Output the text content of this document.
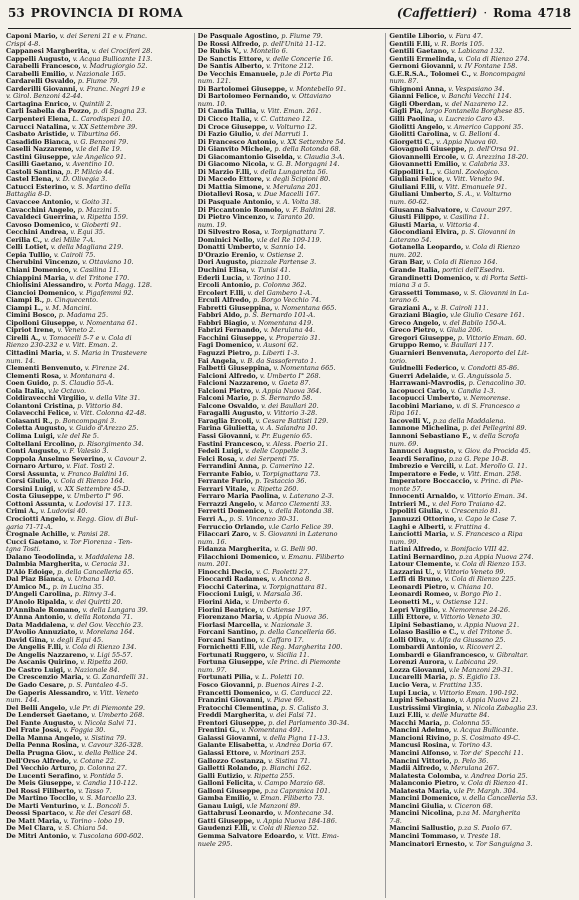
53 PROVINCIA DI ROMA	(Caffettieri) · Roma 4718
Caponi Mario, v. dei Sereni 21 e v. Franc.
Crispi 4-8.
Cappanesi Margherita, v. dei Crociferi 28.
Cappelli Augusto, v. Acqua Bullicante 113.
Carabelli Francesco, v. Madrugiorgio 52.
Carabelli Emilio, v. Nazionale 165.
Cardarelli Osvaldo, p. Fiume 79.
Carderilli Giovanni, v. Franc. Negri 19 e
v. Girol. Benzoni 42-44.
Cartagina Enrico, v. Quintili 2.
Carli Isabella da Pozzo, p. di Spagna 23.
Carpenteri Elena, L. Carodispezi 10.
Carucci Natalina, v. XX Settembre 39.
Casbato Aristide, v. Tiburtina 66.
Casadidio Bianca, v. G. Benzoni 79.
Caselli Nazzareno, v.le del Re 19.
Castini Giuseppe, v.le Angelico 91.
Casilli Gaetano, v. Aventino 10.
Castoli Santina, p. P. Milcio 44.
Castel Elena, v. D. Olivegia 3.
Catucci Esterino, v. S. Martino della
Battaglia 8-D.
Cavaccee Antonio, v. Goito 31.
Cavacchini Angelo, p. Mazzini 5.
Cavaldeci Guerrina, v. Ripetta 159.
Cavoso Domenico, v. Gioberti 91.
Cecchini Andrea, v. Equi 35.
Cerilia C., v. dei Mille 7-A.
Celli Lotiet, v. della Magliana 219.
Cepia Tullio, v. Cairoli 75.
Cherubini Vincenzo, v. Ottaviano 10.
Chiani Domenico, v. Casilina 11.
Chiappini Maria, v. del Tritone 170.
Chiolisini Alessandro, v. Porta Magg. 128.
Ciancioi Domenico, v. Pigafemmi 92.
Ciampi B., p. Cinquecento.
Ciampi L., v. M. Mancini.
Cimini Bosco, p. Madama 25.
Cipolloni Giuseppe, v. Nomentana 61.
Cipriot Irene, v. Veneto 2.
Cirelli A., v. Tomacelli 5-7 e v. Cola di
Rienzo 230-232 e v. Vitt. Eman. 2.
Cittadini Maria, v. S. Maria in Trastevere
num. 14.
Clementi Benvenuto, v. Firenze 24.
Clementi Rosa, v. Montanara 4.
Coen Guido, p. S. Claudio 55-A.
Cola Italia, v.le Octavo.
Coldiravecchi Virgilio, v. della Vite 31.
Colantoni Cristina, p. Vittorio 84.
Colavecchi Felice, v. Vitt. Colonna 42-48.
Colasanti R., p. Boncompagni 3.
Coletta Augusto, v. Guido d'Arezzo 25.
Colima Luigi, v.le del Re 5.
Coltellani Ercolino, p. Risorgimento 34.
Conti Augusto, v. F. Valesio 3.
Coppola Anselmo Severino, v. Cavour 2.
Cornaro Arturo, v. Fiat. Tosti 2.
Corsi Assunta, v. Franco Baldini 16.
Corsi Giulio, v. Cola di Rienzo 164.
Corsini Luigi, v. XX Settembre 45-D.
Costa Giuseppe, v. Umberto I° 96.
Cottoni Assunta, v. Lodovisi 17. 113.
Crimi A., v. Ludovisi 40.
Crociotti Angelo, v. Regg. Giov. di Bul-
garia 71-71-A.
Crognale Achille, v. Panisi 28.
Cucci Gaetano, v. Tor Fiorenza - Ten-
tgna Tosti.
Dalano Teodolinda, v. Maddalena 18.
Dalmbia Margherita, v. Ceracia 31.
D'Alò Edoige, p. della Cancelleria 65.
Dal Piaz Bianca, v. Urbana 140.
D'Amico M., p. in Lucina 35.
D'Angeli Carolina, p. Rinvy 3-4.
D'Anolo Ripalda, v. dei Quirtti 20.
D'Annibale Romano, v. della Lungara 39.
D'Anna Antonio, v. della Rotonda 71.
Data Maddalena, v. del Gov. Vecchio 23.
D'Avolio Annuziato, v. Morelana 164.
David Gina, v. degli Equi 45.
De Angelis F.lli, v. Cola di Rienzo 134.
De Angelis Nazzareno, v. Ligi 55-57.
De Ascanis Quirino, v. Ripetta 260.
De Castro Luigi, v. Nazionale 84.
De Crescenzio Maria, v. G. Zanardelli 31.
De Gado Cesare, p. S. Pantaleo 4-5.
De Gaperis Alessandro, v. Vitt. Veneto
num. 144.
Del Belli Angelo, v.le Pr. di Piemonte 29.
De Lenderset Gaetano, v. Umberto 268.
Del Fante Augusto, v. Nicola Salvi 71.
Del Frate Jossì, v. Foggia 30.
Della Manna Angelo, v. Sistina 79.
Della Penna Rosina, v. Cavour 326-328.
Della Prugna Giov., v. della Pellice 24.
Dell'Orso Alfredo, v. Cotane 22.
Del Vecchio Arturo, p. Colonna 27.
De Lucenti Serafino, v. Pontida 5.
De Meis Giuseppe, v. Candia 110-112.
Del Rossi Filiberto, v. Tasso 7.
De Martino Toccllo, v. S. Marcello 23.
De Marti Venturino, v. L. Boncoli 5.
Deossi Spartaco, v. Re dei Cesari 68.
De Matt Maria, v. Torino - lobo 19.
De Mel Clara, v. S. Chiara 54.
De Mitri Antonio, v. Tuscolana 600-602.
De Pasquale Agostino, p. Fiume 79.
De Rossi Alfredo, p. dell'Unità 11-12.
De Rubis V., v. Montello 6.
De Sanctis Ettore, v. delle Concerie 16.
De Santis Alberto, v. Tritone 212.
De Vecchis Emanuele, p.le di Porta Pia
num. 121.
Di Bartolomei Giuseppe, v. Montebello 91.
Di Bartolomeo Fernando, v. Ottaviano
num. 10.
Di Candia Tullia, v. Vitt. Eman. 261.
Di Cicco Italia, v. C. Cattaneo 12.
Di Croce Giuseppe, v. Volturno 12.
Di Fazio Giulio, v. dei Marruti 1.
Di Francesco Antonio, v. XX Settembre 54.
Di Gianvito Michele, p. della Rotonda 68.
Di Giacomantonio Giselda, v. Claudia 3-A.
Di Giacomo Nicola, v. G. B. Morgagni 14.
Di Marzio F.lli, v. della Lungaretta 56.
Di Macedo Ettore, v. degli Scipioni 80.
Di Mattia Simone, v. Merulana 201.
Diotallevi Rosa, v. Due Macelli 167.
Di Pasquale Antonio, v. A. Volta 38.
Di Piccantonio Romolo, v. F. Baldini 28.
Di Pietro Vincenzo, v. Taranto 20.
num. 19.
Di Silvestro Rosa, v. Torpignattara 7.
Dominici Nello, v.le del Re 109-119.
Donatti Umberto, v. Sannio 14.
D'Orazio Erenio, v. Ostiense 2.
Dori Augusto, piazzale Partense 3.
Duchini Elisa, v. Tunisi 41.
Ederli Lucia, v. Torino 110.
Ercoli Antonio, p. Colonna 362.
Ercolert F.lli, v. del Gambero 1-A.
Erculi Alfredo, p. Borgo Vecchio 74.
Fabretti Giuseppina, v. Nomentana 665.
Fabbri Aldo, p. S. Bernardo 101-A.
Fabbri Biagio, v. Nomentana 419.
Fabrizi Fernando, v. Merulana 44.
Facchini Giuseppe, v. Properzio 31.
Fagi Domenico, v. Ausoni 62.
Faguzzi Pietro, p. Liberti 1-3.
Fai Angela, v. B. da Sassoferrato 1.
Falbetti Giuseppina, v. Nomentana 665.
Falcioni Alfredo, v. Umberto I° 268.
Falcioni Nazzareno, v. Gaeta 87.
Falcioni Pietro, v. Appia Nuova 364.
Falconi Mario, p. S. Bernardo 58.
Falcone Osvaldo, v. dei Baullari 20.
Faragalli Augusto, v. Vittorio 3-28.
Faraglia Ercoli, v. Cesare Battisti 129.
Farina Giulietta, v. A. Salandra 10.
Fassi Giovanni, v. Pr. Eugenio 65.
Fastini Francesco, v. Aless. Poerio 21.
Fedeli Luigi, v. delle Coppelle 3.
Felci Rosa, v. dei Serpenti 75.
Ferrandini Anna, p. Camerino 12.
Ferrante Fabio, v. Torpignattara 73.
Ferrante Furio, p. Testaccio 36.
Ferrari Vitale, v. Ripetta 260.
Ferraro Maria Paolina, v. Laterano 2-3.
Ferrazzi Angelo, v. Marco Clementi 33.
Ferretti Domenico, v. della Rotonda 38.
Ferri A., p. S. Vincenzo 30-31.
Ferruccio Orlando, v.le Carlo Felice 39.
Filaccari Zaro, v. S. Giovanni in Laterano
num. 16.
Fidanza Margherita, v. G. Belli 90.
Filacchioni Domenico, v. Emanu. Filiberto
num. 201.
Finocchi Decio, v. C. Paoletti 27.
Fioccardi Radames, v. Ancona 8.
Fiocchi Caterina, v. Torpignattara 81.
Fioccioni Luigi, v. Marsala 36.
Fiorini Aida, v. Umberto 6.
Fiorini Beatrice, v. Ostiense 197.
Fiorenzano Maria, v. Appia Nuova 36.
Fiorlasi Marcella, v. Nazionale 3.
Forcani Santino, p. della Cancelleria 66.
Forcani Santino, v. Caffaro 17.
Fornichetti F.lli, v.le Reg. Margherita 100.
Fortunati Ruggero, v. Sicilia 11.
Fortuna Giuseppe, v.le Princ. di Piemonte
num. 97.
Fortunati Pilia, v. L. Poletti 10.
Fosco Giovanni, p. Buenos Aires 1-2.
Francetti Domenico, v. G. Carducci 22.
Franzini Giovanni, v. Piave 69.
Fratocchi Clementina, p. S. Calisto 3.
Freddi Margherita, v. dei Falsi 71.
Frentori Giuseppe, p. del Parlamento 30-34.
Frentini G., v. Nomentana 491.
Galassi Giovanni, v. della Pigna 11-13.
Galante Elisabetta, v. Andrea Doria 67.
Galassi Ettore, v. Morinari 253.
Gallozzo Costanza, v. Sistina 71.
Galletti Rolando, p. Bianchi 162.
Galli Eutizio, v. Ripetta 255.
Galloni Felicita, v. Campo Marzio 68.
Galloni Giuseppe, p.za Capranica 101.
Gamba Emilio, v. Eman. Filiberto 73.
Ganau Luigi, v.le Manzoni 89.
Gattabrusi Leonardo, v. Montecane 34.
Gatti Giuseppe, v. Appia Nuova 184-186.
Gaudenzi F.lli, v. Cola di Rienzo 52.
Gemma Salvatore Edoardo, v. Vitt. Ema-
nuele 295.
Gentile Liborio, v. Fara 47.
Gentili F.lli, v. R. Boris 105.
Gentili Gaetano, v. Labicana 132.
Gentili Ermelinda, v. Cola di Rienzo 274.
Gernoni Giovanni, v. IV Fontane 158.
G.E.R.S.A., Tolomei C., v. Boncompagni
num. 87.
Ghignoni Anna, v. Vespasiano 34.
Gianni Felice, v. Banchi Vecchi 114.
Gigli Oberdan, v. del Nazareno 12.
Gigli Pia, largo Fontanella Borghese 85.
Gilli Paolina, v. Lucrezio Caro 43.
Giolitti Angelo, v. Americo Capponi 35.
Giolitti Carolina, v. G. Belloni 4.
Giorgetti C., v. Appia Nuova 60.
Giovagnoli Giuseppe, p. dell'Orsa 91.
Giovannelli Ercole, v. G. Arezzina 18-20.
Giovannetti Emilio, v. Calabria 33.
Gippolliti L., v. Gianl. Zoologico.
Giuliani Felice, v. Vitt. Veneto 94.
Giuliani F.lli, v. Vitt. Emanuele 91.
Giuliani Umberto, S. A., v. Volturno
num. 60-62.
Giusanna Salvatore, v. Cavour 297.
Giusti Filippo, v. Casilina 11.
Giusti Maria, v. Vittoria 4.
Giocondiani Elvira, p. S. Giovanni in
Laterano 54.
Gotanella Leopardo, v. Cola di Rienzo
num. 202.
Gran Bar, v. Cola di Rienzo 164.
Grande Italia, portici dell'Esedra.
Grandinetti Domenico, v. di Porta Setti-
miana 3 a 5.
Grassetti Tommaso, v. S. Giovanni in La-
terano 6.
Graziani A., v. B. Cairoli 111.
Graziani Biagio, v.le Giulio Cesare 161.
Greco Angelo, v. del Babilo 150-A.
Greco Pietro, v. Giulia 206.
Gregori Giuseppe, p. Vittorio Eman. 60.
Gruppo Remo, v. Baullari 117.
Guarnieri Benvenuta, Aeroporto del Lit-
torio.
Guidnelli Federico, v. Condotti 85-86.
Guerri Adelaide, v. G. Anguissola 5.
Harrawani-Mavrodis, p. Cenacolino 30.
Iacopucci Carlo, v. Candia 1-3.
Iacopucci Umberto, v. Nemorense.
Iacobini Mariano, v. di S. Francesco a
Ripa 161.
Iacovelli V., p.za della Maddalena.
Iannone Michelina, p. dei Pellegrini 89.
Iannoni Sebastiano F., v. della Scrofa
num. 69.
Iannucci Augusto, v. Giov. da Procida 45.
Ieardi Serafino, p.za G. Pepe 10-B.
Imbrezio e Vercili, v. Lat. Merollo G. 11.
Imperatore e Fede, v. Vitt. Eman. 258.
Imperatore Boccaccio, v. Princ. di Pie-
monte 57.
Innocenti Arnaldo, v. Vittorio Eman. 34.
Intrieri M., v. del Foro Traiano 42.
Ippoliti Giulia, v. Crescenzio 81.
Jannuzzi Ottorino, v. Capo le Case 7.
Laghi e Alberti, v. Frattina 4.
Lanciotti Maria, v. S. Francesco a Ripa
num. 99.
Latini Alfredo, v. Bonifacio VIII 42.
Latini Bernardino, p.za Appia Nuova 274.
Latour Clemente, v. Cola di Rienzo 153.
Lazzarini U., v. Vittorio Veneto 99.
Leffi di Bruno, v. Cola di Rienzo 225.
Leonardi Pietro, v. Chiana 10.
Leonardi Romeo, v. Borgo Pio 1.
Leonetti M., v. Ostiense 121.
Lepri Virgilio, v. Nemorense 24-26.
Lilli Ettore, v. Vittorio Veneto 30.
Lipini Sebastiano, v. Appia Nuova 21.
Lolaso Basilio e C., v. del Tritone 5.
Lolli Oliva, v. Alfa da Giussano 25.
Lombardi Antonio, v. Ricoveri 2.
Lombardi e Gianfrancesco, v. Gibraltar.
Lorenzi Aurora, v. Labicana 29.
Lozza Giovanni, v.le Manzoni 29-31.
Lucarelli Maria, p. S. Egidio 13.
Lucio Vera, v. Frattina 135.
Lupi Lucia, v. Vittorio Eman. 190-192.
Lupini Sebastiano, v. Appia Nuova 21.
Lustrissimi Virginia, v. Nicola Zabaglia 23.
Luzi F.lli, v. delle Muratte 84.
Macchi Maria, p. Colonna 55.
Mancini Adelmo, v. Acqua Bullicante.
Mancioni Rivino, p. S. Cosimato 49-C.
Mancusi Rosina, v. Torino 43.
Mancini Alfonso, v. Tor de' Specchi 11.
Mancini Vittorio, p. Pelo 36.
Madii Alfredo, v. Merulana 267.
Malatesta Colomba, v. Andrea Doria 25.
Malanconio Pietro, v. Cola di Rienzo 41.
Malatesta Maria, v.le Pr. Margh. 304.
Mancini Domenico, v. della Cancelleria 53.
Mancini Giulia, v. Ciceron 68.
Mancini Nicolina, p.za M. Margherita
7-8.
Mancini Sallustio, p.za S. Paolo 67.
Mancini Tommaso, v. Treste 18.
Mancinatori Ernesto, v. Tor Sanguigna 3.
